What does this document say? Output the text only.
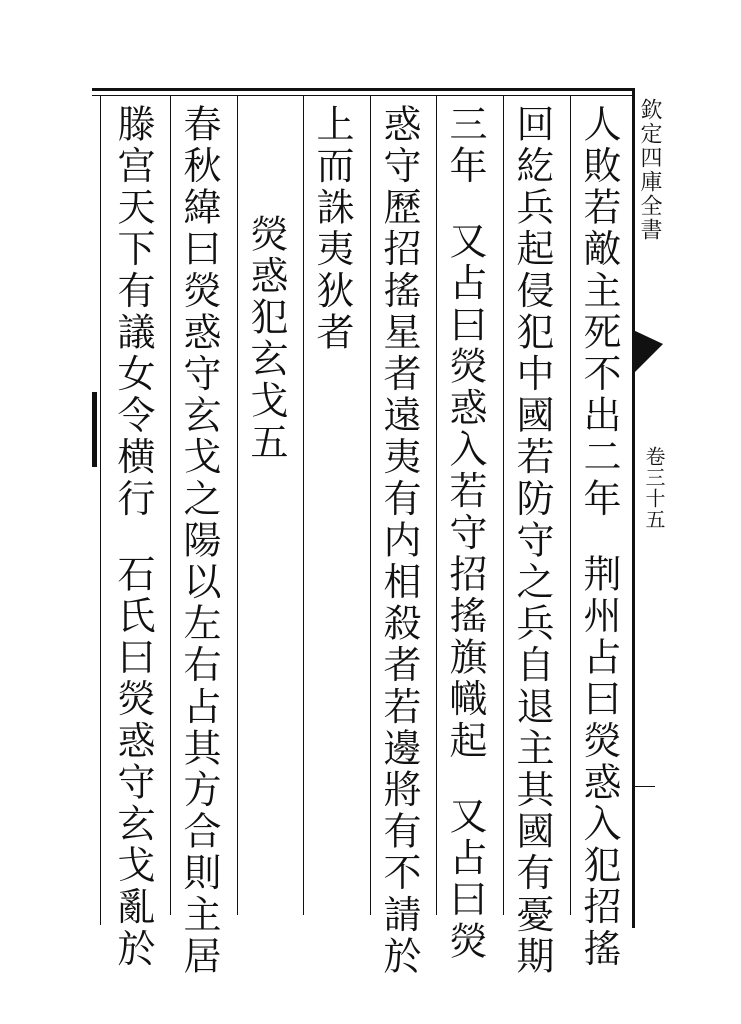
欽定四庫全書
卷三十五
人敗若敵主死不出二年荆州占曰熒惑入犯招搖
回紇兵起侵犯中國若防守之兵自退主其國有憂期
三年又占曰熒惑入若守招搖旗幟起又占曰熒
惑守歷招搖星者遠夷有内相殺者若邊將有不請於
上而誅夷狄者
熒惑犯玄戈五
春秋緯曰熒惑守玄戈之陽以左右占其方合則主居
滕宫天下有議女令横行石氏曰熒惑守玄戈亂於
